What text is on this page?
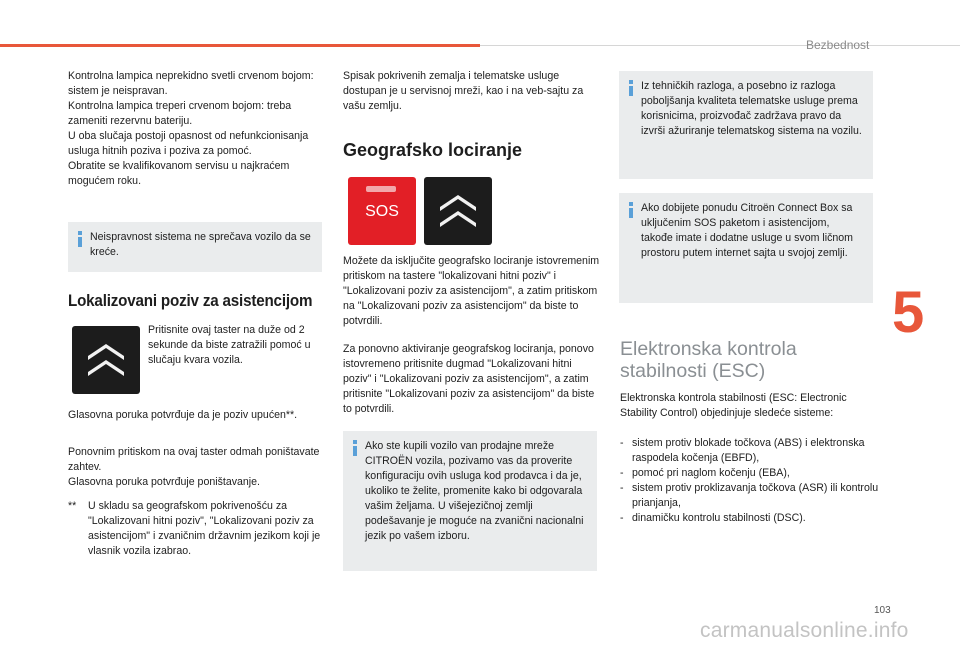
Bezbednost
5

Kontrolna lampica neprekidno svetli crvenom bojom: sistem je neispravan.

Kontrolna lampica treperi crvenom bojom: treba zameniti rezervnu bateriju.

U oba slučaja postoji opasnost od nefunkcionisanja usluga hitnih poziva i poziva za pomoć.

Obratite se kvalifikovanom servisu u najkraćem mogućem roku.

Neispravnost sistema ne sprečava vozilo da se kreće.
Lokalizovani poziv za asistencijom
Pritisnite ovaj taster na duže od 2 sekunde da biste zatražili pomoć u slučaju kvara vozila.
Glasovna poruka potvrđuje da je poziv upućen**.

Ponovnim pritiskom na ovaj taster odmah poništavate zahtev.

Glasovna poruka potvrđuje poništavanje.

** U skladu sa geografskom pokrivenošću za "Lokalizovani hitni poziv", "Lokalizovani poziv za asistencijom" i zvaničnim državnim jezikom koji je vlasnik vozila izabrao.
Spisak pokrivenih zemalja i telematske usluge dostupan je u servisnoj mreži, kao i na veb-sajtu za vašu zemlju.
Geografsko lociranje
SOS
Možete da isključite geografsko lociranje istovremenim pritiskom na tastere "lokalizovani hitni poziv" i "Lokalizovani poziv za asistencijom", a zatim pritiskom na "Lokalizovani poziv za asistencijom" da biste to potvrdili.
Za ponovno aktiviranje geografskog lociranja, ponovo istovremeno pritisnite dugmad "Lokalizovani hitni poziv" i "Lokalizovani poziv za asistencijom", a zatim pritisnite "Lokalizovani poziv za asistencijom" da biste to potvrdili.
Ako ste kupili vozilo van prodajne mreže CITROËN vozila, pozivamo vas da proverite konfiguraciju ovih usluga kod prodavca i da je, ukoliko te želite, promenite kako bi odgovarala vašim željama. U višejezičnoj zemlji podešavanje je moguće na zvanični nacionalni jezik po vašem izboru.
Iz tehničkih razloga, a posebno iz razloga poboljšanja kvaliteta telematske usluge prema korisnicima, proizvođač zadržava pravo da izvrši ažuriranje telematskog sistema na vozilu.
Ako dobijete ponudu Citroën Connect Box sa uključenim SOS paketom i asistencijom, takođe imate i dodatne usluge u svom ličnom prostoru putem internet sajta u svojoj zemlji.
Elektronska kontrola stabilnosti (ESC)
Elektronska kontrola stabilnosti (ESC: Electronic Stability Control) objedinjuje sledeće sisteme:
- sistem protiv blokade točkova (ABS) i elektronska raspodela kočenja (EBFD),
- pomoć pri naglom kočenju (EBA),
- sistem protiv proklizavanja točkova (ASR) ili kontrolu prianjanja,
- dinamičku kontrolu stabilnosti (DSC).
103
carmanualsonline.info
